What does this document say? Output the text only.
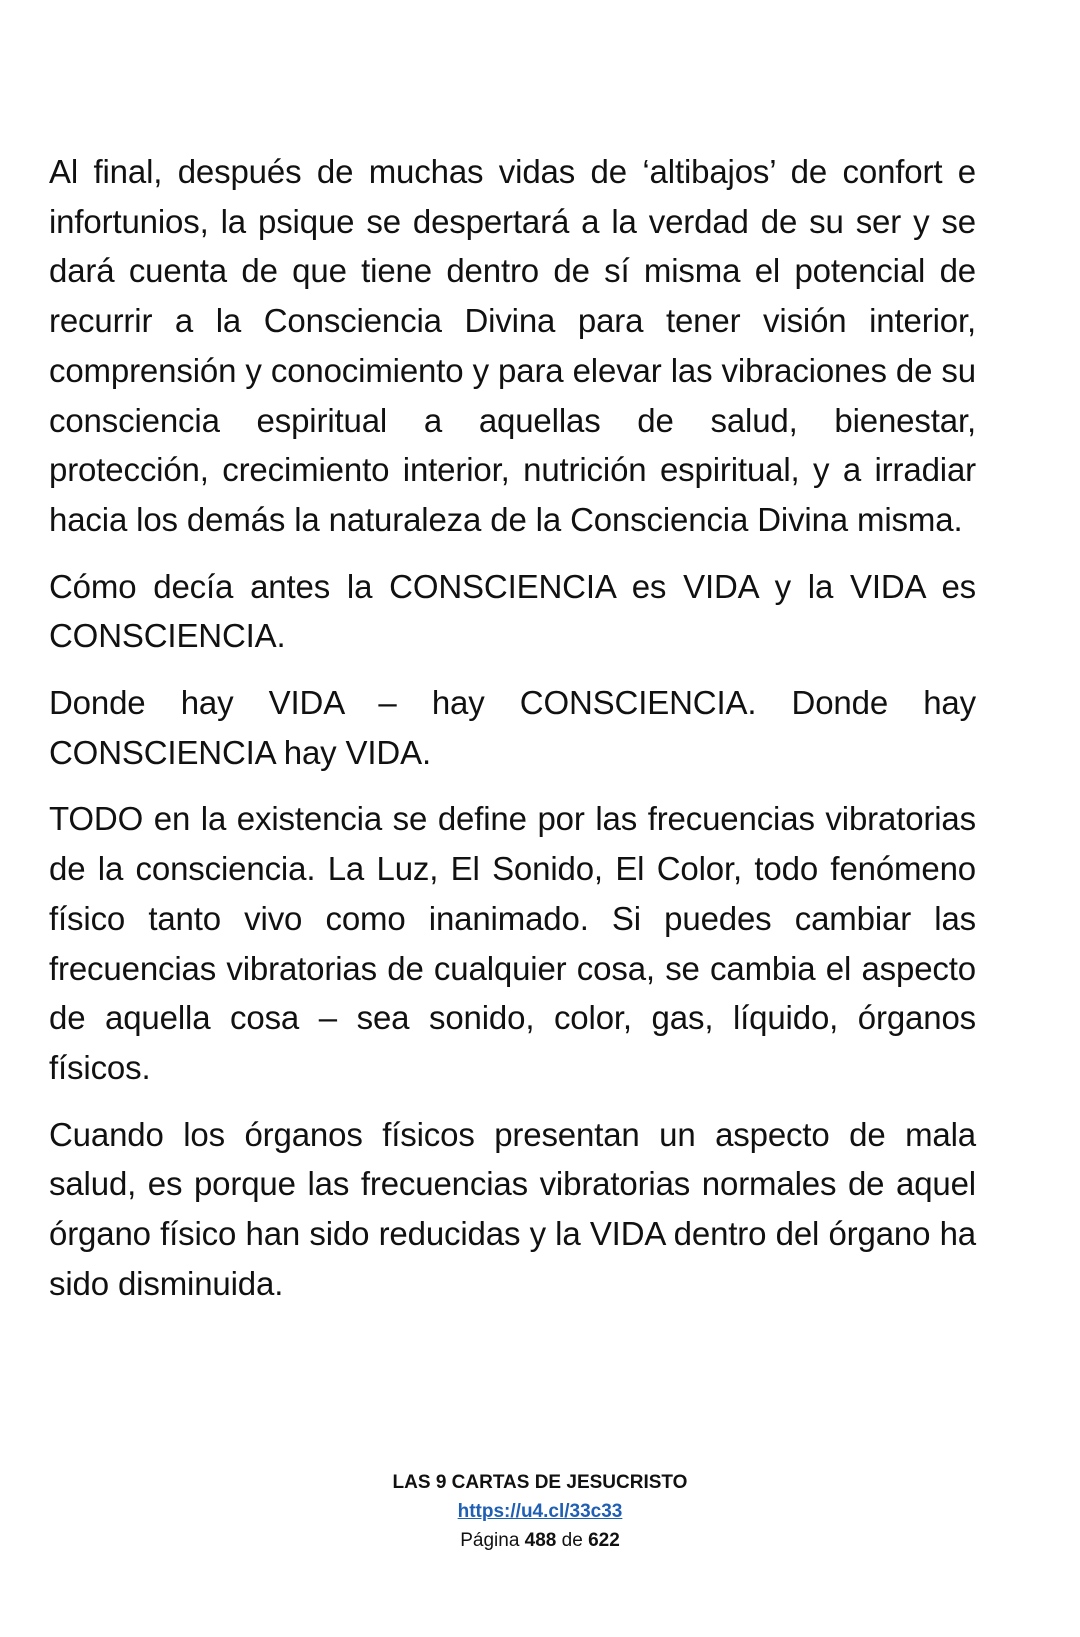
Al final, después de muchas vidas de ‘altibajos’ de confort e infortunios, la psique se despertará a la verdad de su ser y se dará cuenta de que tiene dentro de sí misma el potencial de recurrir a la Consciencia Divina para tener visión interior, comprensión y conocimiento y para elevar las vibraciones de su consciencia espiritual a aquellas de salud, bienestar, protección, crecimiento interior, nutrición espiritual, y a irradiar hacia los demás la naturaleza de la Consciencia Divina misma.

Cómo decía antes la CONSCIENCIA es VIDA y la VIDA es CONSCIENCIA.

Donde hay VIDA – hay CONSCIENCIA. Donde hay CONSCIENCIA hay VIDA.

TODO en la existencia se define por las frecuencias vibratorias de la consciencia. La Luz, El Sonido, El Color, todo fenómeno físico tanto vivo como inanimado. Si puedes cambiar las frecuencias vibratorias de cualquier cosa, se cambia el aspecto de aquella cosa – sea sonido, color, gas, líquido, órganos físicos.

Cuando los órganos físicos presentan un aspecto de mala salud, es porque las frecuencias vibratorias normales de aquel órgano físico han sido reducidas y la VIDA dentro del órgano ha sido disminuida.

LAS 9 CARTAS DE JESUCRISTO
https://u4.cl/33c33
Página 488 de 622
